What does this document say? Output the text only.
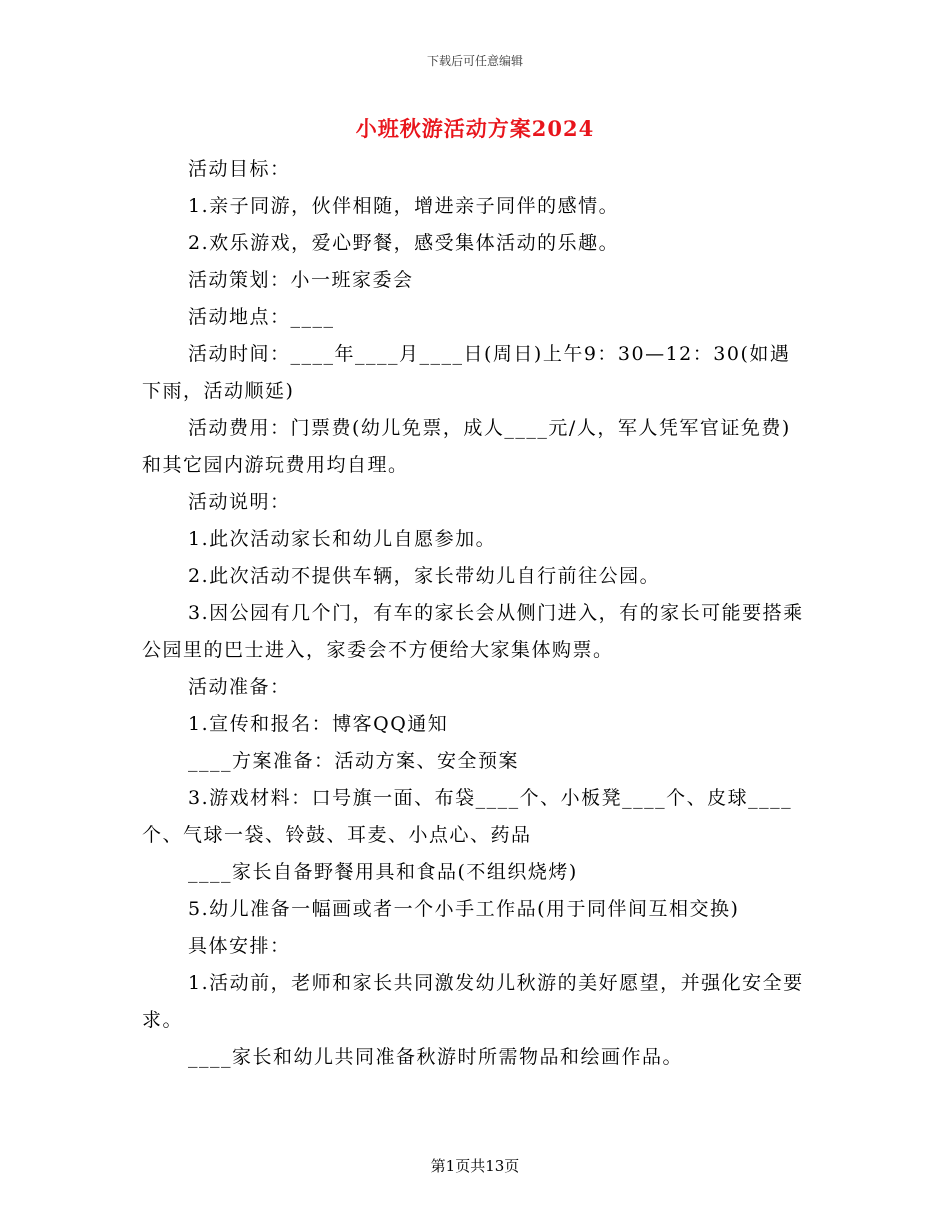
下载后可任意编辑
小班秋游活动方案2024

活动目标：

1.亲子同游，伙伴相随，增进亲子同伴的感情。

2.欢乐游戏，爱心野餐，感受集体活动的乐趣。

活动策划：小一班家委会

活动地点：____

活动时间：____年____月____日(周日)上午9：30—12：30(如遇下雨，活动顺延)

活动费用：门票费(幼儿免票，成人____元/人，军人凭军官证免费)和其它园内游玩费用均自理。

活动说明：

1.此次活动家长和幼儿自愿参加。

2.此次活动不提供车辆，家长带幼儿自行前往公园。

3.因公园有几个门，有车的家长会从侧门进入，有的家长可能要搭乘公园里的巴士进入，家委会不方便给大家集体购票。

活动准备：

1.宣传和报名：博客QQ通知

____方案准备：活动方案、安全预案

3.游戏材料：口号旗一面、布袋____个、小板凳____个、皮球____个、气球一袋、铃鼓、耳麦、小点心、药品

____家长自备野餐用具和食品(不组织烧烤)

5.幼儿准备一幅画或者一个小手工作品(用于同伴间互相交换)

具体安排：

1.活动前，老师和家长共同激发幼儿秋游的美好愿望，并强化安全要求。

____家长和幼儿共同准备秋游时所需物品和绘画作品。

第1页共13页
